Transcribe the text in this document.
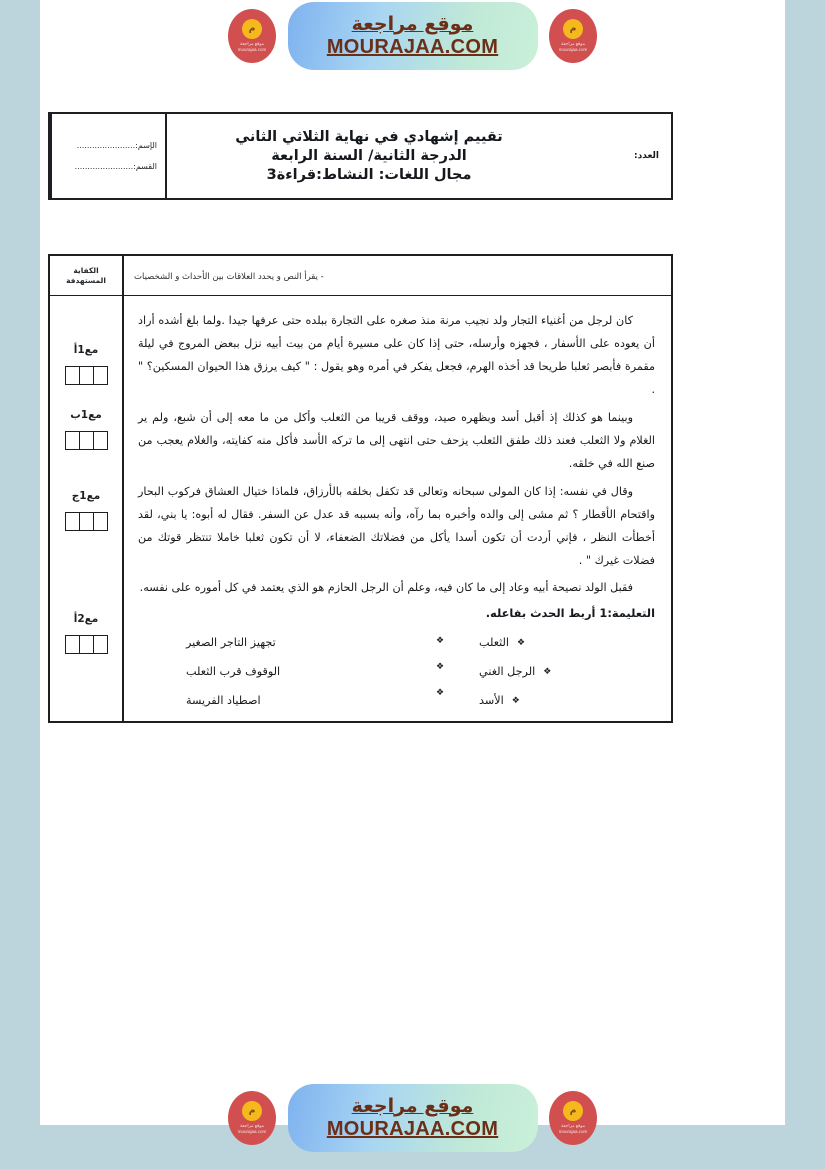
م
موقع مراجعة mourajaa.com
موقع مراجعة
MOURAJAA.COM
م
موقع مراجعة mourajaa.com
العدد:
تقييم إشهادي في نهاية الثلاثي الثاني
الدرجة الثانية/ السنة الرابعة
مجال اللغات: النشاط:قراءة3
الإسم:.......................
القسم:.......................
- يقرأ النص و يحدد العلاقات بين الأحداث و الشخصيات

كان لرجل من أغنياء التجار ولد نجيب مرنة منذ صغره على التجارة ببلده حتى عرفها جيدا .ولما بلغ أشده أراد أن يعوده على الأسفار ، فجهزه وأرسله، حتى إذا كان على مسيرة أيام من بيت أبيه نزل ببعض المروج في ليلة مقمرة فأبصر ثعلبا طريحا قد أخذه الهرم، فجعل يفكر في أمره وهو يقول : " كيف يرزق هذا الحيوان المسكين؟ " .

وبينما هو كذلك إذ أقبل أسد وبظهره صيد، ووقف قريبا من الثعلب وأكل من ما معه إلى أن شبع، ولم ير الغلام ولا الثعلب فعند ذلك طفق الثعلب يزحف حتى انتهى إلى ما تركه الأسد فأكل منه كفايته، والغلام يعجب من صنع الله في خلقه.

وقال في نفسه: إذا كان المولى سبحانه وتعالى قد تكفل بخلقه بالأرزاق، فلماذا ختيال العشاق فركوب البحار واقتحام الأقطار ؟ ثم مشى إلى والده وأخبره بما رآه، وأنه بسببه قد عدل عن السفر. فقال له أبوه: يا بني، لقد أخطأت النظر ، فإني أردت أن تكون أسدا يأكل من فضلاتك الضعفاء، لا أن تكون ثعلبا خاملا تنتظر قوتك من فضلات غيرك " .

فقبل الولد نصيحة أبيه وعاد إلى ما كان فيه، وعلم أن الرجل الحازم هو الذي يعتمد في كل أموره على نفسه.

التعليمة:1 أربط الحدث بفاعله.
❖
الثعلب
❖
الرجل الغني
❖
الأسد
❖
❖
❖
تجهيز التاجر الصغير
الوقوف قرب الثعلب
اصطياد الفريسة
الكفاية
المستهدفة
مع1أ
مع1ب
مع1ج
مع2أ
م
موقع مراجعة mourajaa.com
موقع مراجعة
MOURAJAA.COM
م
موقع مراجعة mourajaa.com
